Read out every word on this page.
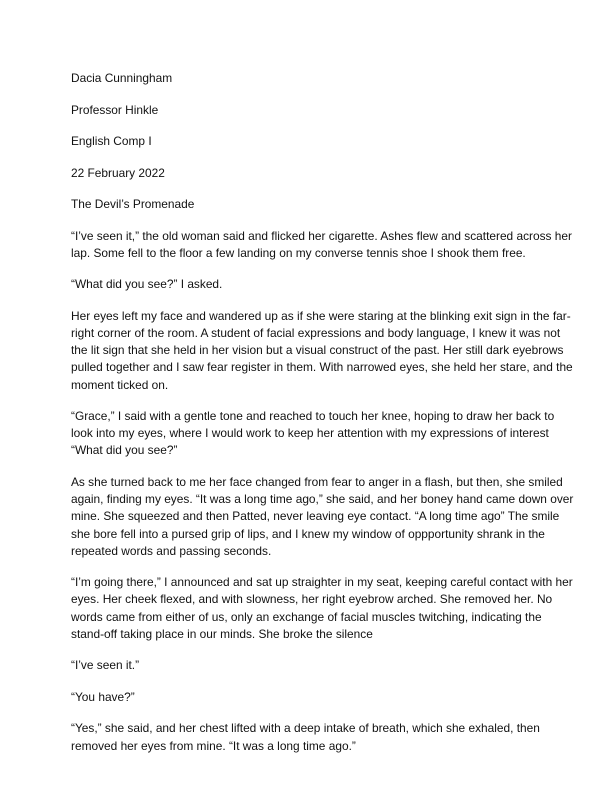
Dacia Cunningham
Professor Hinkle
English Comp I
22 February 2022
The Devil’s Promenade
“I’ve seen it,” the old woman said and flicked her cigarette. Ashes flew and scattered across her
lap. Some fell to the floor a few landing on my converse tennis shoe I shook them free.
“What did you see?” I asked.
Her eyes left my face and wandered up as if she were staring at the blinking exit sign in the far-
right corner of the room. A student of facial expressions and body language, I knew it was not
the lit sign that she held in her vision but a visual construct of the past. Her still dark eyebrows
pulled together and I saw fear register in them. With narrowed eyes, she held her stare, and the
moment ticked on.
“Grace,” I said with a gentle tone and reached to touch her knee, hoping to draw her back to
look into my eyes, where I would work to keep her attention with my expressions of interest
“What did you see?”
As she turned back to me her face changed from fear to anger in a flash, but then, she smiled
again, finding my eyes. “It was a long time ago,” she said, and her boney hand came down over
mine. She squeezed and then Patted, never leaving eye contact. “A long time ago” The smile
she bore fell into a pursed grip of lips, and I knew my window of oppportunity shrank in the
repeated words and passing seconds.
“I’m going there,” I announced and sat up straighter in my seat, keeping careful contact with her
eyes. Her cheek flexed, and with slowness, her right eyebrow arched. She removed her. No
words came from either of us, only an exchange of facial muscles twitching, indicating the
stand-off taking place in our minds. She broke the silence
“I’ve seen it.”
“You have?”
“Yes,” she said, and her chest lifted with a deep intake of breath, which she exhaled, then
removed her eyes from mine. “It was a long time ago.”
